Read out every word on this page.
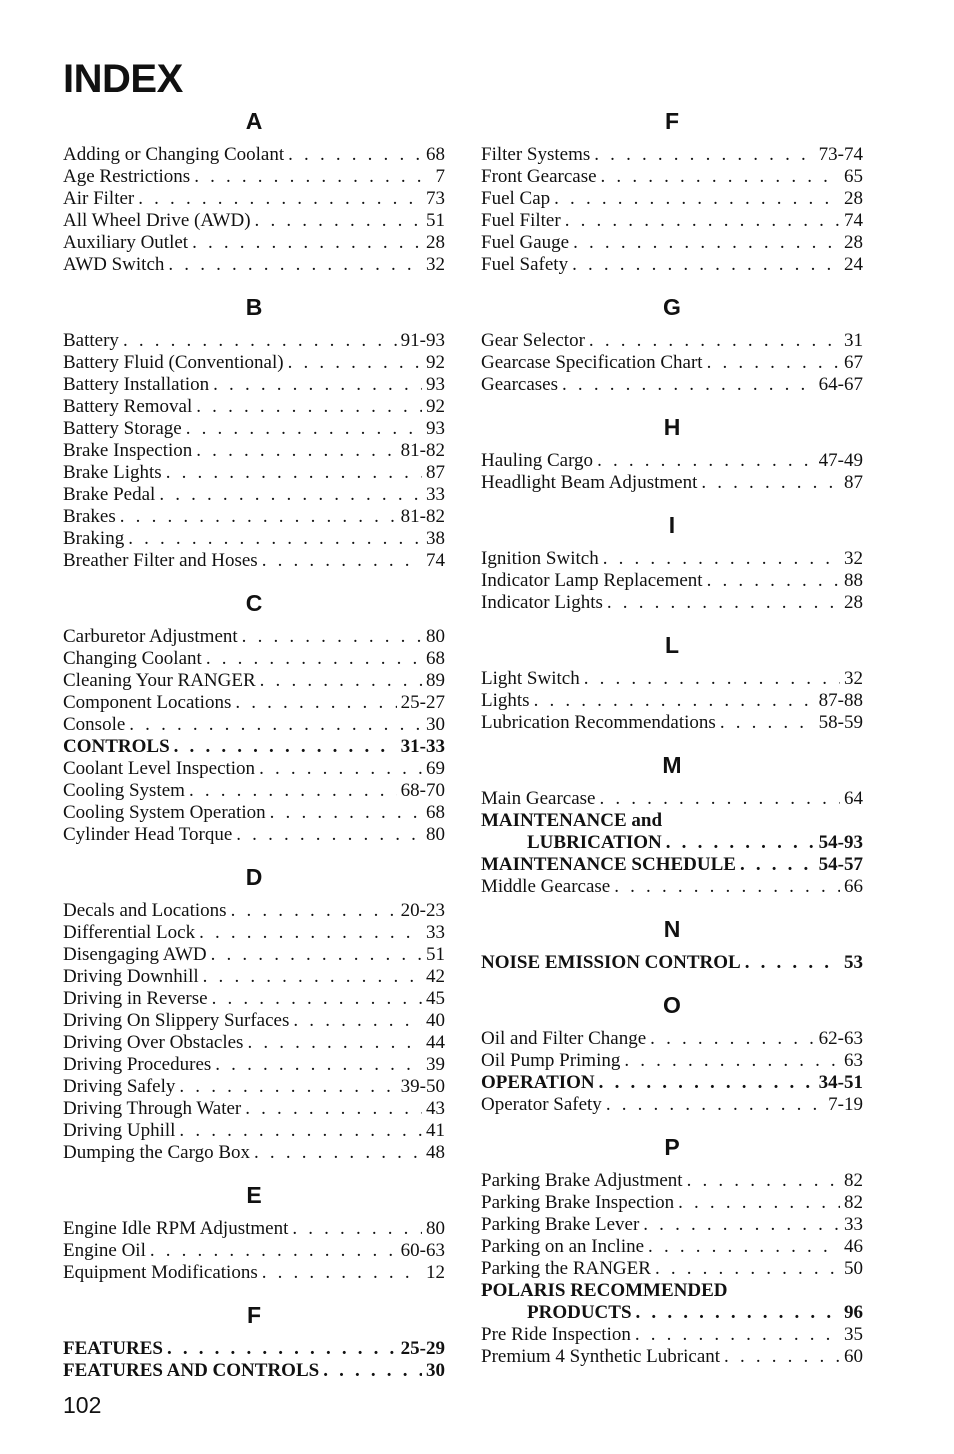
INDEX
A
Adding or Changing Coolant . . .	68
Age Restrictions . . .	7
Air Filter . . .	73
All Wheel Drive (AWD) . . .	51
Auxiliary Outlet . . .	28
AWD Switch . . .	32
B
Battery . . .	91-93
Battery Fluid (Conventional) . . .	92
Battery Installation . . .	93
Battery Removal . . .	92
Battery Storage . . .	93
Brake Inspection . . .	81-82
Brake Lights . . .	87
Brake Pedal . . .	33
Brakes . . .	81-82
Braking . . .	38
Breather Filter and Hoses . . .	74
C
Carburetor Adjustment . . .	80
Changing Coolant . . .	68
Cleaning Your RANGER . . .	89
Component Locations . . .	25-27
Console . . .	30
CONTROLS . . .	31-33
Coolant Level Inspection . . .	69
Cooling System . . .	68-70
Cooling System Operation . . .	68
Cylinder Head Torque . . .	80
D
Decals and Locations . . .	20-23
Differential Lock . . .	33
Disengaging AWD . . .	51
Driving Downhill . . .	42
Driving in Reverse . . .	45
Driving On Slippery Surfaces . . .	40
Driving Over Obstacles . . .	44
Driving Procedures . . .	39
Driving Safely . . .	39-50
Driving Through Water . . .	43
Driving Uphill . . .	41
Dumping the Cargo Box . . .	48
E
Engine Idle RPM Adjustment . . .	80
Engine Oil . . .	60-63
Equipment Modifications . . .	12
F
FEATURES . . .	25-29
FEATURES AND CONTROLS . . .	30
F
Filter Systems . . .	73-74
Front Gearcase . . .	65
Fuel Cap . . .	28
Fuel Filter . . .	74
Fuel Gauge . . .	28
Fuel Safety . . .	24
G
Gear Selector . . .	31
Gearcase Specification Chart . . .	67
Gearcases . . .	64-67
H
Hauling Cargo . . .	47-49
Headlight Beam Adjustment . . .	87
I
Ignition Switch . . .	32
Indicator Lamp Replacement . . .	88
Indicator Lights . . .	28
L
Light Switch . . .	32
Lights . . .	87-88
Lubrication Recommendations . . .	58-59
M
Main Gearcase . . .	64
MAINTENANCE and
LUBRICATION . . .	54-93
MAINTENANCE SCHEDULE . . .	54-57
Middle Gearcase . . .	66
N
NOISE EMISSION CONTROL . . .	53
O
Oil and Filter Change . . .	62-63
Oil Pump Priming . . .	63
OPERATION . . .	34-51
Operator Safety . . .	7-19
P
Parking Brake Adjustment . . .	82
Parking Brake Inspection . . .	82
Parking Brake Lever . . .	33
Parking on an Incline . . .	46
Parking the RANGER . . .	50
POLARIS RECOMMENDED
PRODUCTS . . .	96
Pre Ride Inspection . . .	35
Premium 4 Synthetic Lubricant . . .	60
102
